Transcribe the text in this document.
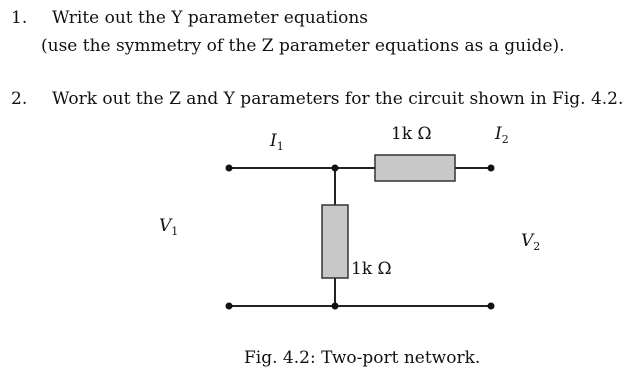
1. Write out the Y parameter equations
(use the symmetry of the Z parameter equations as a guide).
2. Work out the Z and Y parameters for the circuit shown in Fig. 4.2.
$I_1$
1k Ω	$I_2$
$V_1$	$V_2$
1k Ω
Fig. 4.2: Two-port network.
